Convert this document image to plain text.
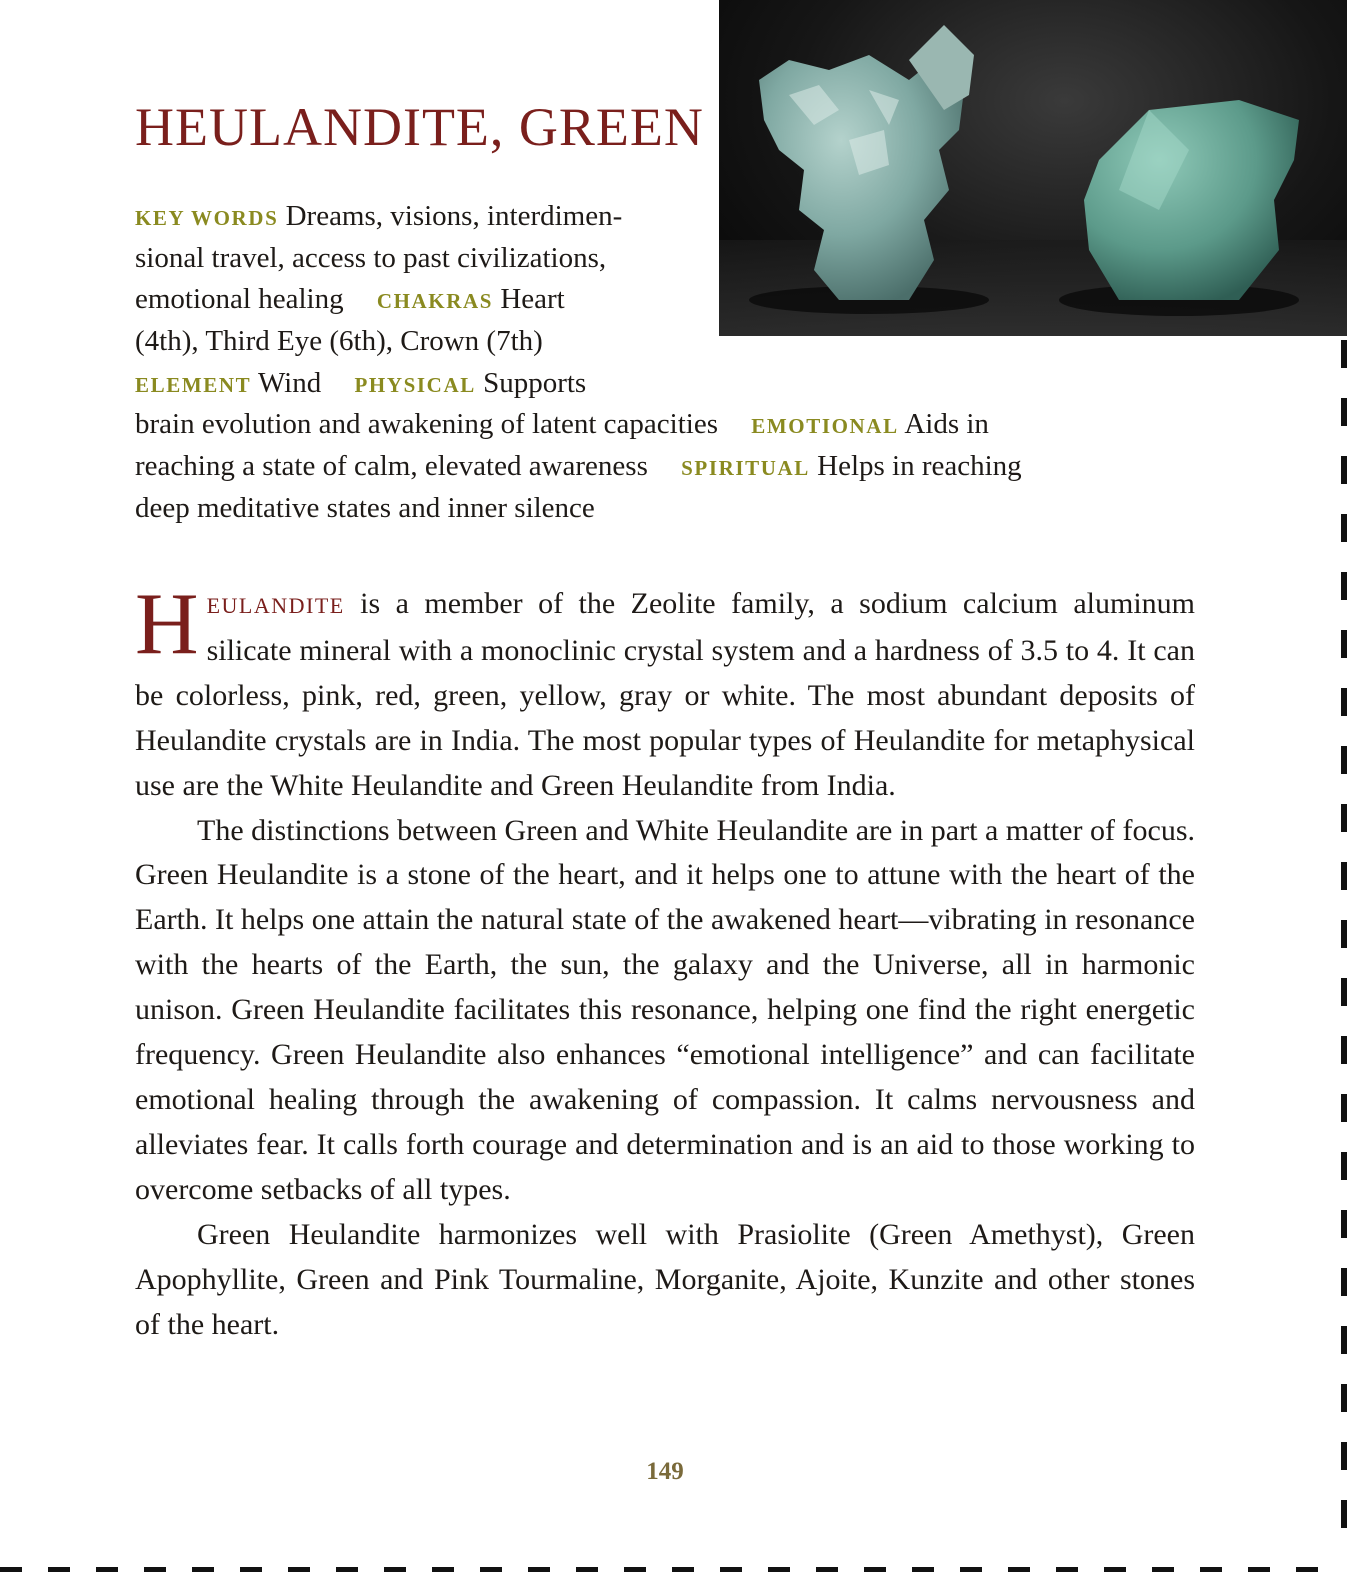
HEULANDITE, GREEN
KEY WORDS Dreams, visions, interdimen-
sional travel, access to past civilizations,
emotional healing CHAKRAS Heart
(4th), Third Eye (6th), Crown (7th)
ELEMENT Wind PHYSICAL Supports
brain evolution and awakening of latent capacities EMOTIONAL Aids in
reaching a state of calm, elevated awareness SPIRITUAL Helps in reaching
deep meditative states and inner silence

HEULANDITE is a member of the Zeolite family, a sodium calcium aluminum silicate mineral with a monoclinic crystal system and a hardness of 3.5 to 4. It can be colorless, pink, red, green, yellow, gray or white. The most abundant deposits of Heulandite crystals are in India. The most popular types of Heulandite for metaphysical use are the White Heulandite and Green Heulandite from India.

The distinctions between Green and White Heulandite are in part a matter of focus. Green Heulandite is a stone of the heart, and it helps one to attune with the heart of the Earth. It helps one attain the natural state of the awakened heart—vibrating in resonance with the hearts of the Earth, the sun, the galaxy and the Universe, all in harmonic unison. Green Heulandite facilitates this resonance, helping one find the right energetic frequency. Green Heulandite also enhances “emotional intelligence” and can facilitate emotional healing through the awakening of compassion. It calms nervousness and alleviates fear. It calls forth courage and determination and is an aid to those working to overcome setbacks of all types.

Green Heulandite harmonizes well with Prasiolite (Green Amethyst), Green Apophyllite, Green and Pink Tourmaline, Morganite, Ajoite, Kunzite and other stones of the heart.

149
